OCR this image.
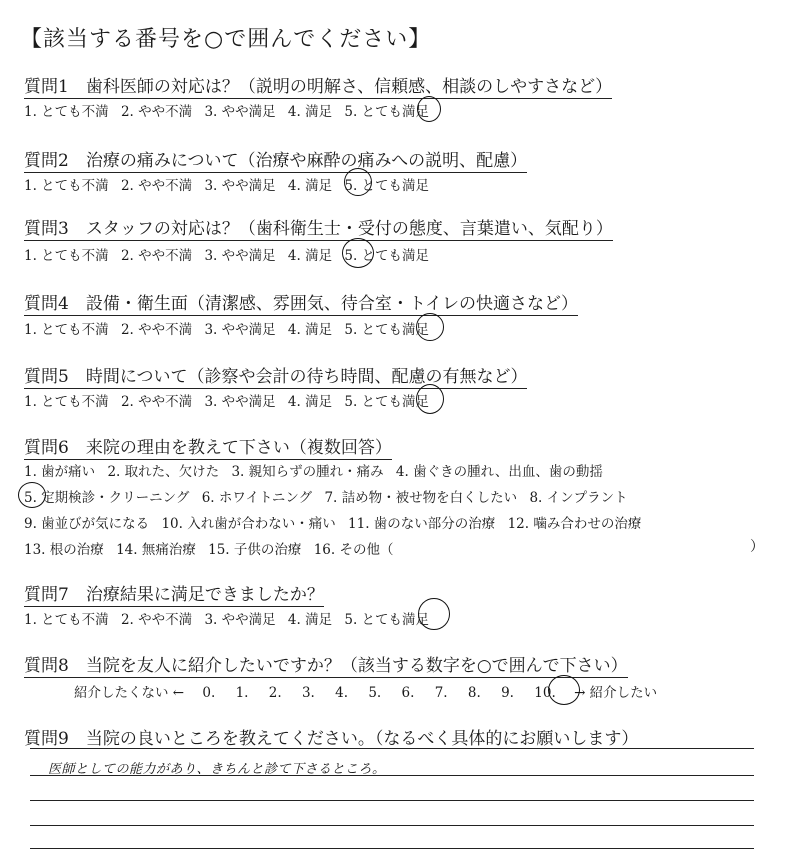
【該当する番号を○で囲んでください】
質問1　歯科医師の対応は？（説明の明解さ、信頼感、相談のしやすさなど）
1. とても不満 2. やや不満 3. やや満足 4. 満足 5. とても満足
質問2　治療の痛みについて（治療や麻酔の痛みへの説明、配慮）
1. とても不満 2. やや不満 3. やや満足 4. 満足 5. とても満足
質問3　スタッフの対応は？（歯科衛生士・受付の態度、言葉遣い、気配り）
1. とても不満 2. やや不満 3. やや満足 4. 満足 5. とても満足
質問4　設備・衛生面（清潔感、雰囲気、待合室・トイレの快適さなど）
1. とても不満 2. やや不満 3. やや満足 4. 満足 5. とても満足
質問5　時間について（診察や会計の待ち時間、配慮の有無など）
1. とても不満 2. やや不満 3. やや満足 4. 満足 5. とても満足
質問6　来院の理由を教えて下さい（複数回答）
1. 歯が痛い 2. 取れた、欠けた 3. 親知らずの腫れ・痛み 4. 歯ぐきの腫れ、出血、歯の動揺
5. 定期検診・クリーニング 6. ホワイトニング 7. 詰め物・被せ物を白くしたい 8. インプラント
9. 歯並びが気になる 10. 入れ歯が合わない・痛い 11. 歯のない部分の治療 12. 噛み合わせの治療
13. 根の治療 14. 無痛治療 15. 子供の治療 16. その他（	）
質問7　治療結果に満足できましたか？
1. とても不満 2. やや不満 3. やや満足 4. 満足 5. とても満足
質問8　当院を友人に紹介したいですか？（該当する数字を○で囲んで下さい）
紹介したくない ← 0. 1. 2. 3. 4. 5. 6. 7. 8. 9. 10. → 紹介したい
質問9　当院の良いところを教えてください。（なるべく具体的にお願いします）
医師としての能力があり、きちんと診て下さるところ。
